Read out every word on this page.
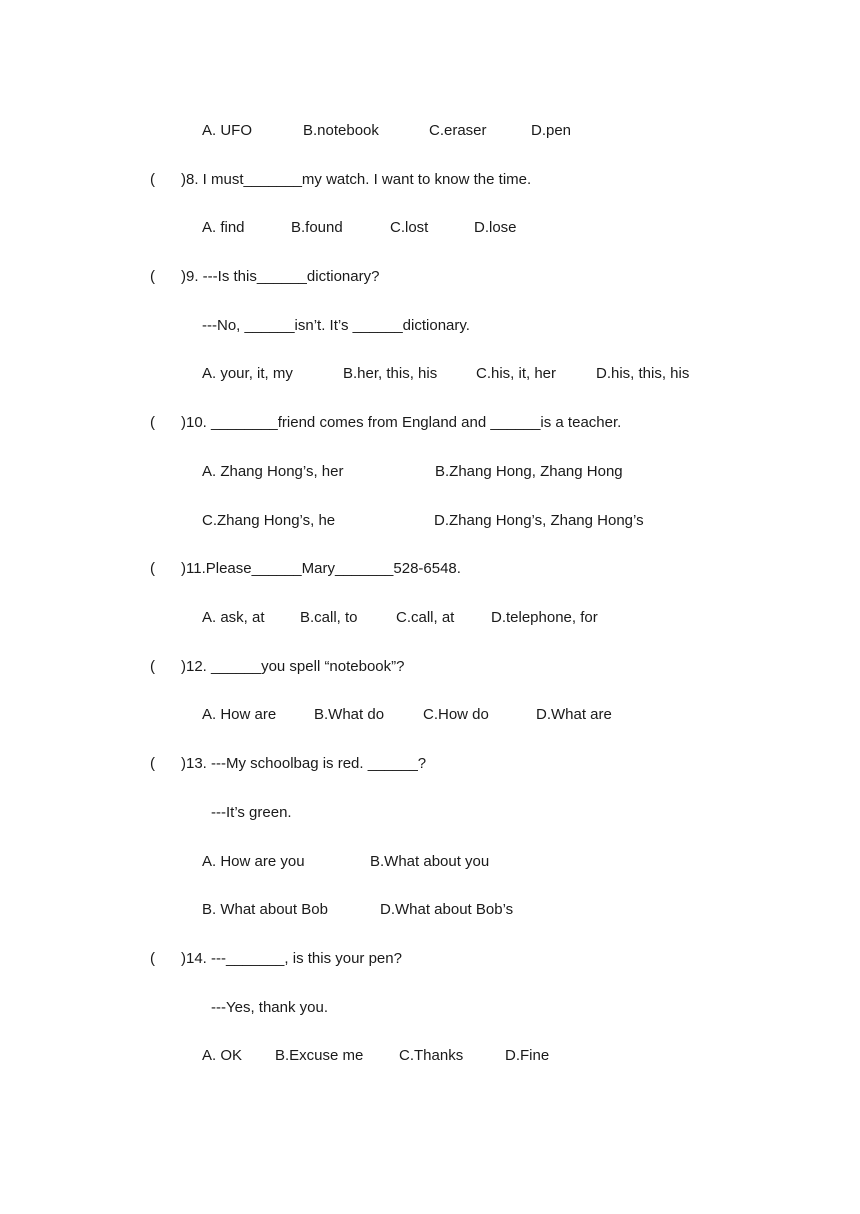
A. UFO

	B.notebook

	C.eraser

	D.pen

(

)8. I must_______my watch. I want to know the time.

A. find

	B.found

	C.lost

	D.lose

(

)9. ---Is this______dictionary?

---No, ______isn’t. It’s ______dictionary.

A. your, it, my

	B.her, this, his

	C.his, it, her

	D.his, this, his

(

)10. ________friend comes from England and ______is a teacher.

A. Zhang Hong’s, her

	B.Zhang Hong, Zhang Hong

C.Zhang Hong’s, he

	D.Zhang Hong’s, Zhang Hong’s

(

)11.Please______Mary_______528-6548.

A. ask, at

B.call, to

	C.call, at

D.telephone, for

(

)12. ______you spell “notebook”?

A. How are

	B.What do

	C.How do

	D.What are

(

)13. ---My schoolbag is red. ______?

---It’s green.

A. How are you

	B.What about you

B. What about Bob

	D.What about Bob’s

(

)14. ---_______, is this your pen?

---Yes, thank you.

A. OK

B.Excuse me

C.Thanks

	D.Fine
